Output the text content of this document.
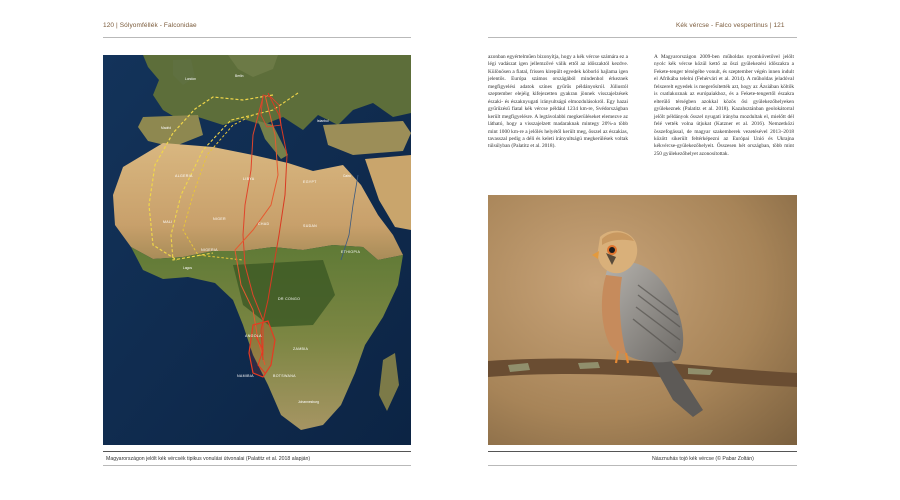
120 | Sólyomféllék - Falconidae	Kék vércse - Falco vespertinus | 121
London
Berlin
Madrid
Istanbul
Cairo
Lagos
Johannesburg
ALGERIA
LIBYA
EGYPT
MALI
NIGER
CHAD	SUDAN
NIGERIA	ETHIOPIA
DR CONGO
ANGOLA
ZAMBIA
NAMIBIA	BOTSWANA
Magyarországon jelölt kék vércsék tipikus vonulási útvonalai (Palatitz et al. 2018 alapján)

azonban egyértelműen bizonyítja, hogy a kék vércse számára ez a légi vadászat igen jellemzővé válik ettől az időszaktól kezdve. Különösen a fiatal, frissen kirepült egyedek kóborló hajlama igen jelentős. Európa számos országából mindenhol érkeznek megfigyelési adatok színes gyűrűs példányokról. Júliustól szeptember elejéig kifejezetten gyakran jönnek visszajelzések északi- és északnyugati irányultságú elmozdulásokról. Egy hazai gyűrűzésű fiatal kék vércse például 1234 km-re, Svédországban került megfigyelésre. A legtávolabbi megkerüléseket elemezve az látható, hogy a visszajelzett madaraknak mintegy 20%-a több mint 1000 km-re a jelölés helyétől került meg, ősszel az északias, tavasszal pedig a déli és keleti irányultságú megkerülések voltak túlsúlyban (Palatitz et al. 2018).

A Magyarországon 2009-ben műholdas nyomkövetővel jelölt nyolc kék vércse közül kettő az őszi gyülekezési időszakra a Fekete-tenger térségébe vonult, és szeptember végén innen indult el Afrikába telelni (Fehérvári et al. 2014). A műholdas jeladóval felszerelt egyedek is megerősítették azt, hogy az Ázsiában költők is csatlakoznak az európaiakhoz, és a Fekete-tengertől északra elterülő térségben azokkal közös ősi gyülekezőhelyeken gyülekeznek (Palatitz et al. 2018). Kazahsztánban geolokátorral jelölt példányok ősszel nyugati irányba mozdultak el, mielőtt dél felé vették volna útjukat (Katzner et al. 2016). Nemzetközi összefogással, de magyar szakemberek vezetésével 2013–2018 között sikerült feltérképezni az Európai Unió és Ukrajna kékvércse-gyülekezőhelyeit. Összesen hét országban, több mint 250 gyülekezőhelyet azonosítottak.

Násznuhás tojó kék vércse (© Pabar Zoltán)
